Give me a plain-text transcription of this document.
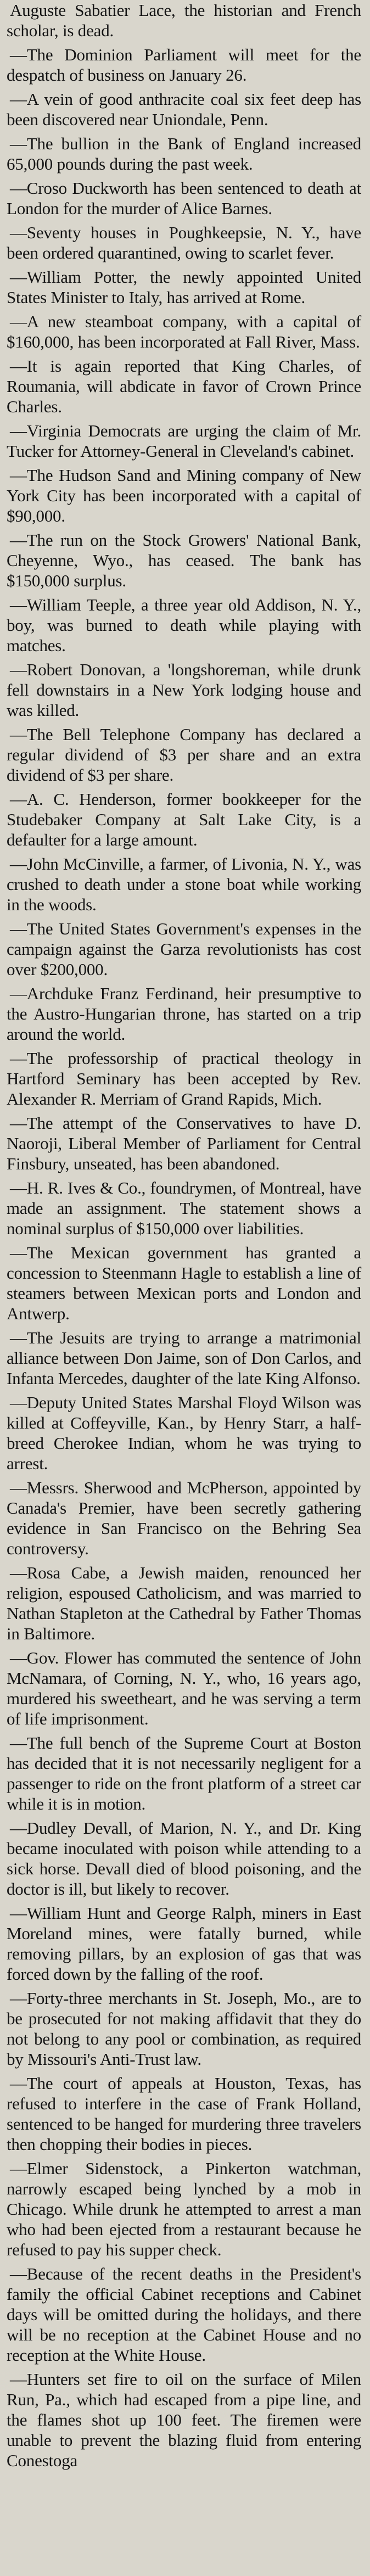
Auguste Sabatier Lace, the historian and French scholar, is dead.

—The Dominion Parliament will meet for the despatch of business on January 26.

—A vein of good anthracite coal six feet deep has been discovered near Uniondale, Penn.

—The bullion in the Bank of England increased 65,000 pounds during the past week.

—Croso Duckworth has been sentenced to death at London for the murder of Alice Barnes.

—Seventy houses in Poughkeepsie, N. Y., have been ordered quarantined, owing to scarlet fever.

—William Potter, the newly appointed United States Minister to Italy, has arrived at Rome.

—A new steamboat company, with a capital of $160,000, has been incorporated at Fall River, Mass.

—It is again reported that King Charles, of Roumania, will abdicate in favor of Crown Prince Charles.

—Virginia Democrats are urging the claim of Mr. Tucker for Attorney-General in Cleveland's cabinet.

—The Hudson Sand and Mining company of New York City has been incorporated with a capital of $90,000.

—The run on the Stock Growers' National Bank, Cheyenne, Wyo., has ceased. The bank has $150,000 surplus.

—William Teeple, a three year old Addison, N. Y., boy, was burned to death while playing with matches.

—Robert Donovan, a 'longshoreman, while drunk fell downstairs in a New York lodging house and was killed.

—The Bell Telephone Company has declared a regular dividend of $3 per share and an extra dividend of $3 per share.

—A. C. Henderson, former bookkeeper for the Studebaker Company at Salt Lake City, is a defaulter for a large amount.

—John McCinville, a farmer, of Livonia, N. Y., was crushed to death under a stone boat while working in the woods.

—The United States Government's expenses in the campaign against the Garza revolutionists has cost over $200,000.

—Archduke Franz Ferdinand, heir presumptive to the Austro-Hungarian throne, has started on a trip around the world.

—The professorship of practical theology in Hartford Seminary has been accepted by Rev. Alexander R. Merriam of Grand Rapids, Mich.

—The attempt of the Conservatives to have D. Naoroji, Liberal Member of Parliament for Central Finsbury, unseated, has been abandoned.

—H. R. Ives & Co., foundrymen, of Montreal, have made an assignment. The statement shows a nominal surplus of $150,000 over liabilities.

—The Mexican government has granted a concession to Steenmann Hagle to establish a line of steamers between Mexican ports and London and Antwerp.

—The Jesuits are trying to arrange a matrimonial alliance between Don Jaime, son of Don Carlos, and Infanta Mercedes, daughter of the late King Alfonso.

—Deputy United States Marshal Floyd Wilson was killed at Coffeyville, Kan., by Henry Starr, a half-breed Cherokee Indian, whom he was trying to arrest.

—Messrs. Sherwood and McPherson, appointed by Canada's Premier, have been secretly gathering evidence in San Francisco on the Behring Sea controversy.

—Rosa Cabe, a Jewish maiden, renounced her religion, espoused Catholicism, and was married to Nathan Stapleton at the Cathedral by Father Thomas in Baltimore.

—Gov. Flower has commuted the sentence of John McNamara, of Corning, N. Y., who, 16 years ago, murdered his sweetheart, and he was serving a term of life imprisonment.

—The full bench of the Supreme Court at Boston has decided that it is not necessarily negligent for a passenger to ride on the front platform of a street car while it is in motion.

—Dudley Devall, of Marion, N. Y., and Dr. King became inoculated with poison while attending to a sick horse. Devall died of blood poisoning, and the doctor is ill, but likely to recover.

—William Hunt and George Ralph, miners in East Moreland mines, were fatally burned, while removing pillars, by an explosion of gas that was forced down by the falling of the roof.

—Forty-three merchants in St. Joseph, Mo., are to be prosecuted for not making affidavit that they do not belong to any pool or combination, as required by Missouri's Anti-Trust law.

—The court of appeals at Houston, Texas, has refused to interfere in the case of Frank Holland, sentenced to be hanged for murdering three travelers then chopping their bodies in pieces.

—Elmer Sidenstock, a Pinkerton watchman, narrowly escaped being lynched by a mob in Chicago. While drunk he attempted to arrest a man who had been ejected from a restaurant because he refused to pay his supper check.

—Because of the recent deaths in the President's family the official Cabinet receptions and Cabinet days will be omitted during the holidays, and there will be no reception at the Cabinet House and no reception at the White House.

—Hunters set fire to oil on the surface of Milen Run, Pa., which had escaped from a pipe line, and the flames shot up 100 feet. The firemen were unable to prevent the blazing fluid from entering Conestoga
